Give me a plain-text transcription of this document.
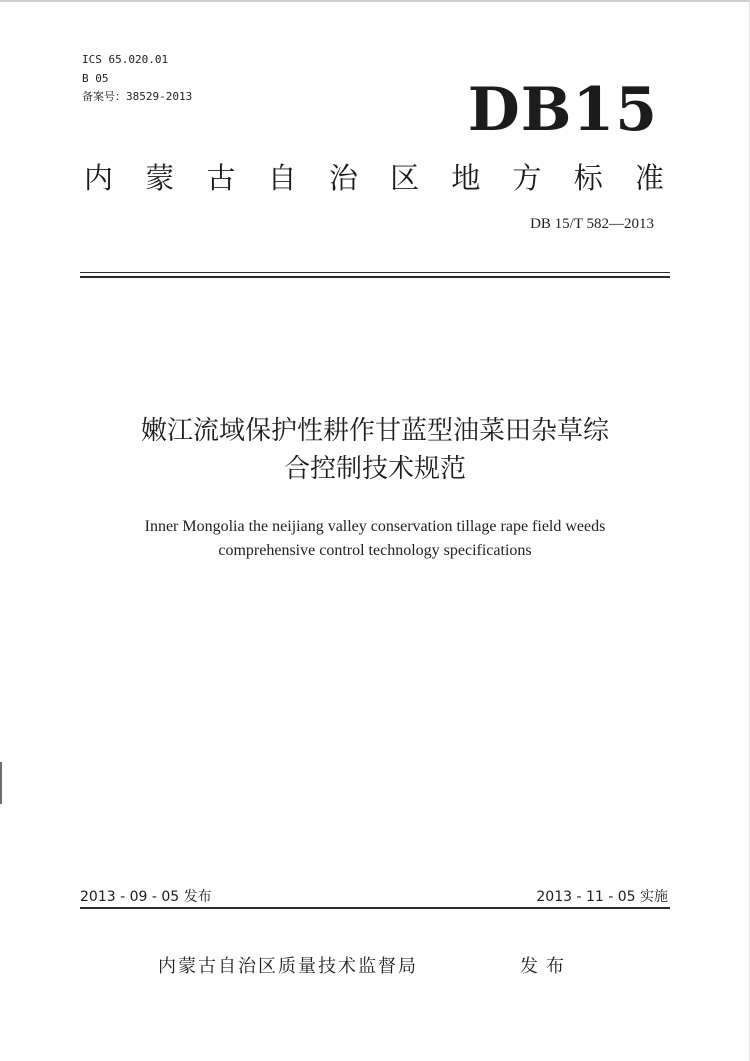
ICS 65.020.01
B 05
备案号：38529-2013	DB15
内 蒙 古 自 治 区 地 方 标 准
DB 15/T 582—2013
嫩江流域保护性耕作甘蓝型油菜田杂草综
合控制技术规范
Inner Mongolia the neijiang valley conservation tillage rape field weeds
comprehensive control technology specifications
2013 - 09 - 05 发布	2013 - 11 - 05 实施
内蒙古自治区质量技术监督局	发布
